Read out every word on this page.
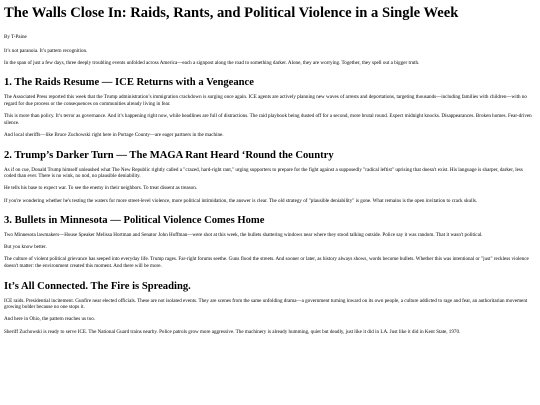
The Walls Close In: Raids, Rants, and Political Violence in a Single Week

By T-Paine

It’s not paranoia. It’s pattern recognition.

In the span of just a few days, three deeply troubling events unfolded across America—each a signpost along the road to something darker. Alone, they are worrying. Together, they spell out a bigger truth.

1. The Raids Resume — ICE Returns with a Vengeance

The Associated Press reported this week that the Trump administration’s immigration crackdown is surging once again. ICE agents are actively planning new waves of arrests and deportations, targeting thousands—including families with children—with no regard for due process or the consequences on communities already living in fear.

This is more than policy. It’s terror as governance. And it’s happening right now, while headlines are full of distractions. The raid playbook being dusted off for a second, more brutal round. Expect midnight knocks. Disappearances. Broken homes. Fear-driven silence.

And local sheriffs—like Bruce Zuchowski right here in Portage County—are eager partners in the machine.

2. Trump’s Darker Turn — The MAGA Rant Heard ‘Round the Country

As if on cue, Donald Trump himself unleashed what The New Republic rightly called a "crazed, hard-right rant," urging supporters to prepare for the fight against a supposedly "radical leftist" uprising that doesn't exist. His language is sharper, darker, less coded than ever. There is no wink, no nod, no plausible deniability.

He tells his base to expect war. To see the enemy in their neighbors. To treat dissent as treason.

If you're wondering whether he's testing the waters for more street-level violence, more political intimidation, the answer is clear. The old strategy of "plausible deniability" is gone. What remains is the open invitation to crack skulls.

3. Bullets in Minnesota — Political Violence Comes Home

Two Minnesota lawmakers—House Speaker Melissa Hortman and Senator John Hoffman—were shot at this week, the bullets shattering windows near where they stood talking outside. Police say it was random. That it wasn't political.

But you know better.

The culture of violent political grievance has seeped into everyday life. Trump rages. Far-right forums seethe. Guns flood the streets. And sooner or later, as history always shows, words become bullets. Whether this was intentional or "just" reckless violence doesn't matter: the environment created this moment. And there will be more.

It’s All Connected. The Fire is Spreading.

ICE raids. Presidential incitement. Gunfire near elected officials. These are not isolated events. They are scenes from the same unfolding drama—a government turning inward on its own people, a culture addicted to rage and fear, an authoritarian movement growing bolder because no one stops it.

And here in Ohio, the pattern reaches us too.

Sheriff Zuchowski is ready to serve ICE. The National Guard trains nearby. Police patrols grow more aggressive. The machinery is already humming, quiet but deadly, just like it did in LA. Just like it did in Kent State, 1970.
